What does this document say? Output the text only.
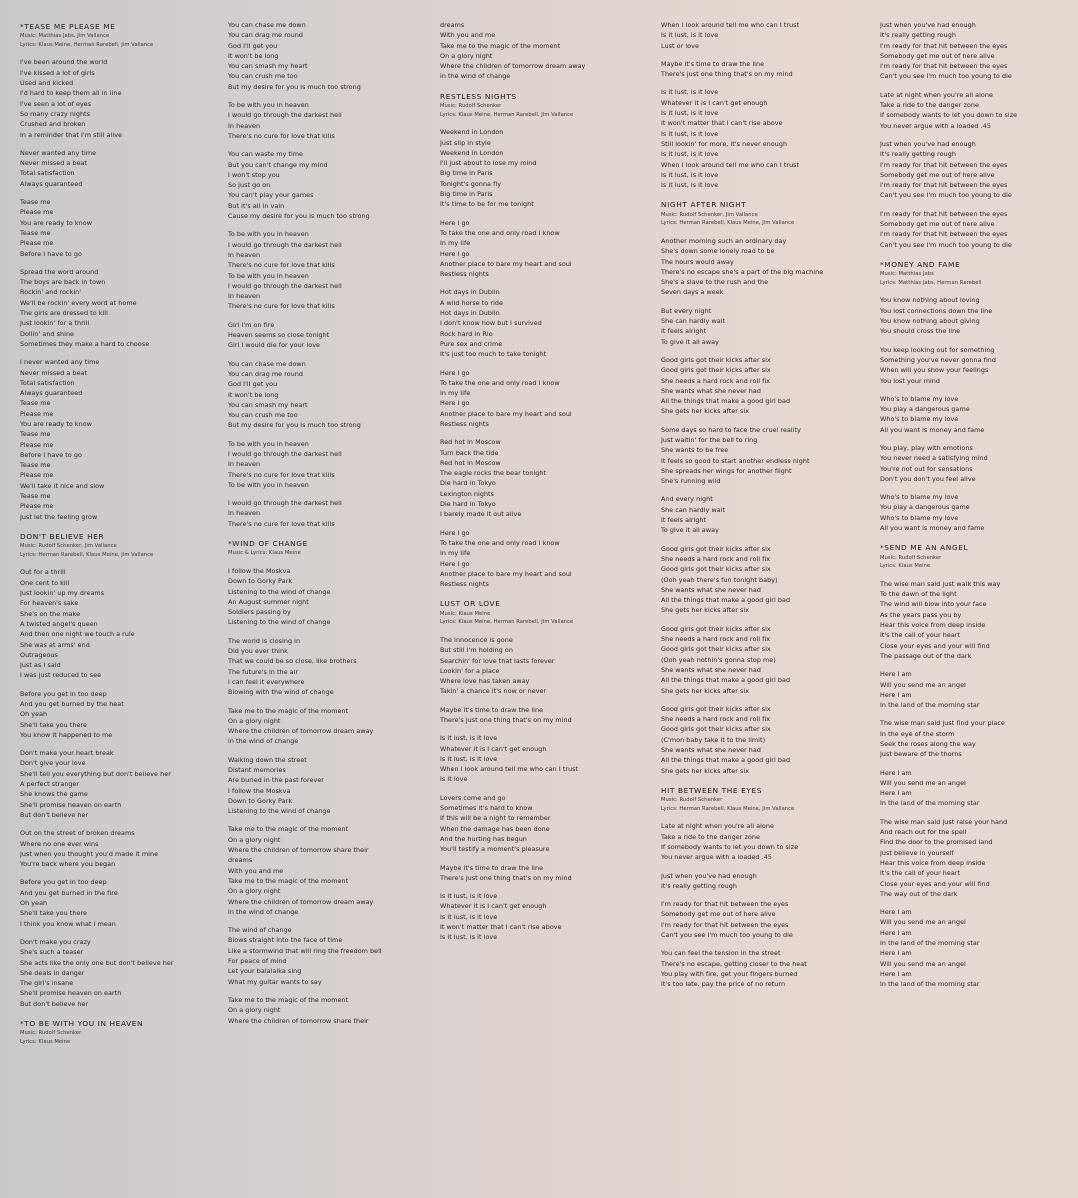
*TEASE ME PLEASE ME
Music: Matthias Jabs, Jim Vallance
Lyrics: Klaus Meine, Herman Rarebell, Jim Vallance
I've been around the world
I've kissed a lot of girls
Used and kicked
I'd hard to keep them all in line
I've seen a lot of eyes
So many crazy nights
Crushed and broken
In a reminder that I'm still alive
Never wanted any time
Never missed a beat
Total satisfaction
Always guaranteed
Tease me
Please me
You are ready to know
Tease me
Please me
Before I have to go
Spread the word around
The boys are back in town
Rockin' and rockin'
We'll be rockin' every word at home
The girls are dressed to kill
Just lookin' for a thrill
Dollin' and shine
Sometimes they make a hard to choose
I never wanted any time
Never missed a beat
Total satisfaction
Always guaranteed
Tease me
Please me
You are ready to know
Tease me
Please me
Before I have to go
Tease me
Please me
We'll take it nice and slow
Tease me
Please me
Just let the feeling grow
DON'T BELIEVE HER
Music: Rudolf Schenker, Jim Vallance
Lyrics: Herman Rarebell, Klaus Meine, Jim Vallance
Out for a thrill
One cent to kill
Just lookin' up my dreams
For heaven's sake
She's on the make
A twisted angel's queen
And then one night we touch a rule
She was at arms' end
Outrageous
Just as I said
I was just reduced to see
Before you get in too deep
And you get burned by the heat
Oh yeah
She'll take you there
You know it happened to me
Don't make your heart break
Don't give your love
She'll tell you everything but don't believe her
A perfect stranger
She knows the game
She'll promise heaven on earth
But don't believe her
Out on the street of broken dreams
Where no one ever wins
Just when you thought you'd made it mine
You're back where you began
Before you get in too deep
And you get burned in the fire
Oh yeah
She'll take you there
I think you know what I mean
Don't make you crazy
She's such a teaser
She acts like the only one but don't believe her
She deals in danger
The girl's insane
She'll promise heaven on earth
But don't believe her
*TO BE WITH YOU IN HEAVEN
Music: Rudolf Schenker
Lyrics: Klaus Meine
You can chase me down
You can drag me round
God I'll get you
It won't be long
You can smash my heart
You can crush me too
But my desire for you is much too strong
To be with you in heaven
I would go through the darkest hell
In heaven
There's no cure for love that kills
You can waste my time
But you can't change my mind
I won't stop you
So just go on
You can't play your games
But it's all in vain
Cause my desire for you is much too strong
To be with you in heaven
I would go through the darkest hell
In heaven
There's no cure for love that kills
To be with you in heaven
I would go through the darkest hell
In heaven
There's no cure for love that kills
Girl I'm on fire
Heaven seems so close tonight
Girl I would die for your love
You can chase me down
You can drag me round
God I'll get you
It won't be long
You can smash my heart
You can crush me too
But my desire for you is much too strong
To be with you in heaven
I would go through the darkest hell
In heaven
There's no cure for love that kills
To be with you in heaven
I would go through the darkest hell
In heaven
There's no cure for love that kills
*WIND OF CHANGE
Music & Lyrics: Klaus Meine
I follow the Moskva
Down to Gorky Park
Listening to the wind of change
An August summer night
Soldiers passing by
Listening to the wind of change
The world is closing in
Did you ever think
That we could be so close, like brothers
The future's in the air
I can feel it everywhere
Blowing with the wind of change
Take me to the magic of the moment
On a glory night
Where the children of tomorrow dream away
in the wind of change
Walking down the street
Distant memories
Are buried in the past forever
I follow the Moskva
Down to Gorky Park
Listening to the wind of change
Take me to the magic of the moment
On a glory night
Where the children of tomorrow share their
dreams
With you and me
Take me to the magic of the moment
On a glory night
Where the children of tomorrow dream away
in the wind of change
The wind of change
Blows straight into the face of time
Like a stormwind that will ring the freedom bell
For peace of mind
Let your balalaika sing
What my guitar wants to say
Take me to the magic of the moment
On a glory night
Where the children of tomorrow share their
dreams
With you and me
Take me to the magic of the moment
On a glory night
Where the children of tomorrow dream away
in the wind of change
RESTLESS NIGHTS
Music: Rudolf Schenker
Lyrics: Klaus Meine, Herman Rarebell, Jim Vallance
Weekend in London
Just slip in style
Weekend in London
I'll just about to lose my mind
Big time in Paris
Tonight's gonna fly
Big time in Paris
It's time to be for me tonight
Here I go
To take the one and only road I know
In my life
Here I go
Another place to bare my heart and soul
Restless nights
Hot days in Dublin
A wild horse to ride
Hot days in Dublin
I don't know how but I survived
Rock hard in Rio
Pure sex and crime
It's just too much to take tonight
Here I go
To take the one and only road I know
In my life
Here I go
Another place to bare my heart and soul
Restless nights
Red hot in Moscow
Turn back the tide
Red hot in Moscow
The eagle rocks the bear tonight
Die hard in Tokyo
Lexington nights
Die hard in Tokyo
I barely made it out alive
Here I go
To take the one and only road I know
In my life
Here I go
Another place to bare my heart and soul
Restless nights
LUST OR LOVE
Music: Klaus Meine
Lyrics: Klaus Meine, Herman Rarebell, Jim Vallance
The innocence is gone
But still I'm holding on
Searchin' for love that lasts forever
Lookin' for a place
Where love has taken away
Takin' a chance it's now or never
Maybe it's time to draw the line
There's just one thing that's on my mind
Is it lust, is it love
Whatever it is I can't get enough
Is it lust, is it love
When I look around tell me who can I trust
Is it love
Lovers come and go
Sometimes it's hard to know
If this will be a night to remember
When the damage has been done
And the hurting has begun
You'll testify a moment's pleasure
Maybe it's time to draw the line
There's just one thing that's on my mind
Is it lust, is it love
Whatever it is I can't get enough
Is it lust, is it love
It won't matter that I can't rise above
Is it lust, is it love
When I look around tell me who can I trust
Is it lust, is it love
Lust or love
Maybe it's time to draw the line
There's just one thing that's on my mind
Is it lust, is it love
Whatever it is I can't get enough
Is it lust, is it love
It won't matter that I can't rise above
Is it lust, is it love
Still lookin' for more, it's never enough
Is it lust, is it love
When I look around tell me who can I trust
Is it lust, is it love
Is it lust, is it love
NIGHT AFTER NIGHT
Music: Rudolf Schenker, Jim Vallance
Lyrics: Herman Rarebell, Klaus Meine, Jim Vallance
Another morning such an ordinary day
She's down some lonely road to be
The hours would away
There's no escape she's a part of the big machine
She's a slave to the rush and the
Seven days a week
But every night
She can hardly wait
It feels alright
To give it all away
Good girls got their kicks after six
Good girls got their kicks after six
She needs a hard rock and roll fix
She wants what she never had
All the things that make a good girl bad
She gets her kicks after six
Some days so hard to face the cruel reality
Just waitin' for the bell to ring
She wants to be free
It feels so good to start another endless night
She spreads her wings for another flight
She's running wild
And every night
She can hardly wait
It feels alright
To give it all away
Good girls got their kicks after six
She needs a hard rock and roll fix
Good girls got their kicks after six
(Ooh yeah there's fun tonight baby)
She wants what she never had
All the things that make a good girl bad
She gets her kicks after six
Good girls got their kicks after six
She needs a hard rock and roll fix
Good girls got their kicks after six
(Ooh yeah nothin's gonna stop me)
She wants what she never had
All the things that make a good girl bad
She gets her kicks after six
Good girls got their kicks after six
She needs a hard rock and roll fix
Good girls got their kicks after six
(C'mon baby take it to the limit)
She wants what she never had
All the things that make a good girl bad
She gets her kicks after six
HIT BETWEEN THE EYES
Music: Rudolf Schenker
Lyrics: Herman Rarebell, Klaus Meine, Jim Vallance
Late at night when you're all alone
Take a ride to the danger zone
If somebody wants to let you down to size
You never argue with a loaded .45
Just when you've had enough
It's really getting rough
I'm ready for that hit between the eyes
Somebody get me out of here alive
I'm ready for that hit between the eyes
Can't you see I'm much too young to die
You can feel the tension in the street
There's no escape, getting closer to the heat
You play with fire, get your fingers burned
It's too late, pay the price of no return
Just when you've had enough
It's really getting rough
I'm ready for that hit between the eyes
Somebody get me out of here alive
I'm ready for that hit between the eyes
Can't you see I'm much too young to die
Late at night when you're all alone
Take a ride to the danger zone
If somebody wants to let you down to size
You never argue with a loaded .45
Just when you've had enough
It's really getting rough
I'm ready for that hit between the eyes
Somebody get me out of here alive
I'm ready for that hit between the eyes
Can't you see I'm much too young to die
I'm ready for that hit between the eyes
Somebody get me out of here alive
I'm ready for that hit between the eyes
Can't you see I'm much too young to die
*MONEY AND FAME
Music: Matthias Jabs
Lyrics: Matthias Jabs, Herman Rarebell
You know nothing about loving
You lost connections down the line
You know nothing about giving
You should cross the line
You keep looking out for something
Something you've never gonna find
When will you show your feelings
You lost your mind
Who's to blame my love
You play a dangerous game
Who's to blame my love
All you want is money and fame
You play, play with emotions
You never need a satisfying mind
You're not out for sensations
Don't you don't you feel alive
Who's to blame my love
You play a dangerous game
Who's to blame my love
All you want is money and fame
*SEND ME AN ANGEL
Music: Rudolf Schenker
Lyrics: Klaus Meine
The wise man said just walk this way
To the dawn of the light
The wind will blow into your face
As the years pass you by
Hear this voice from deep inside
It's the call of your heart
Close your eyes and your will find
The passage out of the dark
Here I am
Will you send me an angel
Here I am
In the land of the morning star
The wise man said just find your place
In the eye of the storm
Seek the roses along the way
Just beware of the thorns
Here I am
Will you send me an angel
Here I am
In the land of the morning star
The wise man said just raise your hand
And reach out for the spell
Find the door to the promised land
Just believe in yourself
Hear this voice from deep inside
It's the call of your heart
Close your eyes and your will find
The way out of the dark
Here I am
Will you send me an angel
Here I am
In the land of the morning star
Here I am
Will you send me an angel
Here I am
In the land of the morning star
